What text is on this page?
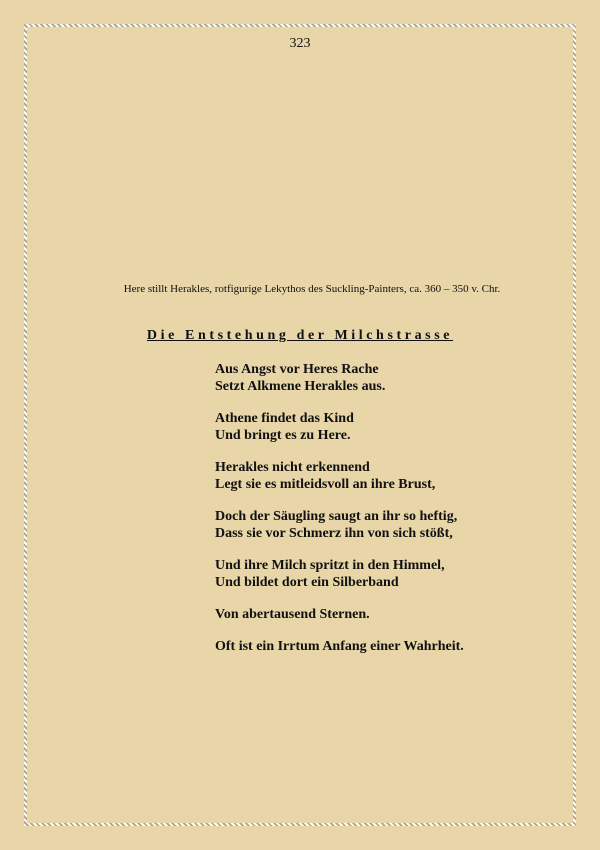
323
Here stillt Herakles, rotfigurige Lekythos des Suckling-Painters, ca. 360 – 350 v. Chr.
Die Entstehung der Milchstrasse
Aus Angst vor Heres Rache
Setzt Alkmene Herakles aus.
Athene findet das Kind
Und bringt es zu Here.
Herakles nicht erkennend
Legt sie es mitleidsvoll an ihre Brust,
Doch der Säugling saugt an ihr so heftig,
Dass sie vor Schmerz ihn von sich stößt,
Und ihre Milch spritzt in den Himmel,
Und bildet dort ein Silberband
Von abertausend Sternen.
Oft ist ein Irrtum Anfang einer Wahrheit.
